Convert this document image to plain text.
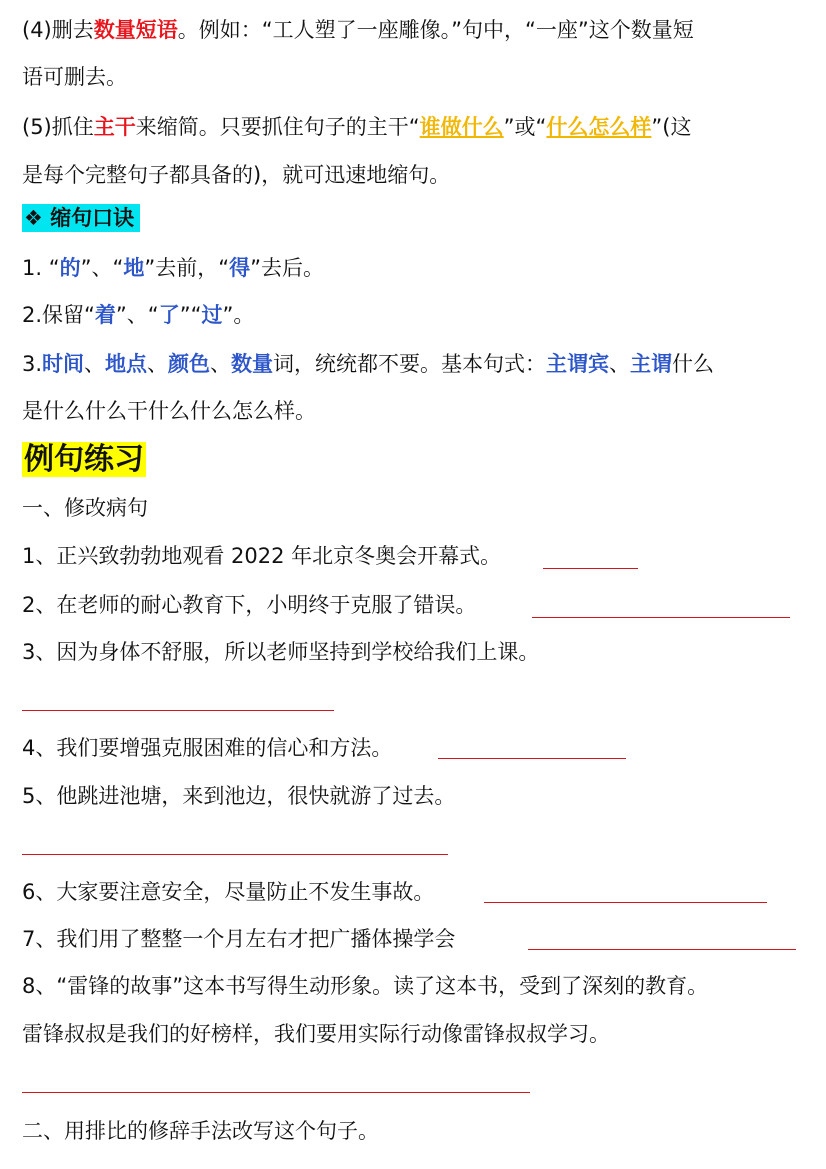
(4)删去数量短语。例如：“工人塑了一座雕像。”句中，“一座”这个数量短
语可删去。
(5)抓住主干来缩简。只要抓住句子的主干“谁做什么”或“什么怎么样”(这
是每个完整句子都具备的)，就可迅速地缩句。
❖ 缩句口诀
1. “的”、“地”去前，“得”去后。
2.保留“着”、“了”“过”。
3.时间、地点、颜色、数量词，统统都不要。基本句式：主谓宾、主谓什么
是什么什么干什么什么怎么样。
例句练习
一、修改病句
1、正兴致勃勃地观看 2022 年北京冬奥会开幕式。
2、在老师的耐心教育下，小明终于克服了错误。
3、因为身体不舒服，所以老师坚持到学校给我们上课。
4、我们要增强克服困难的信心和方法。
5、他跳进池塘，来到池边，很快就游了过去。
6、大家要注意安全，尽量防止不发生事故。
7、我们用了整整一个月左右才把广播体操学会
8、“雷锋的故事”这本书写得生动形象。读了这本书，受到了深刻的教育。
雷锋叔叔是我们的好榜样，我们要用实际行动像雷锋叔叔学习。
二、用排比的修辞手法改写这个句子。
